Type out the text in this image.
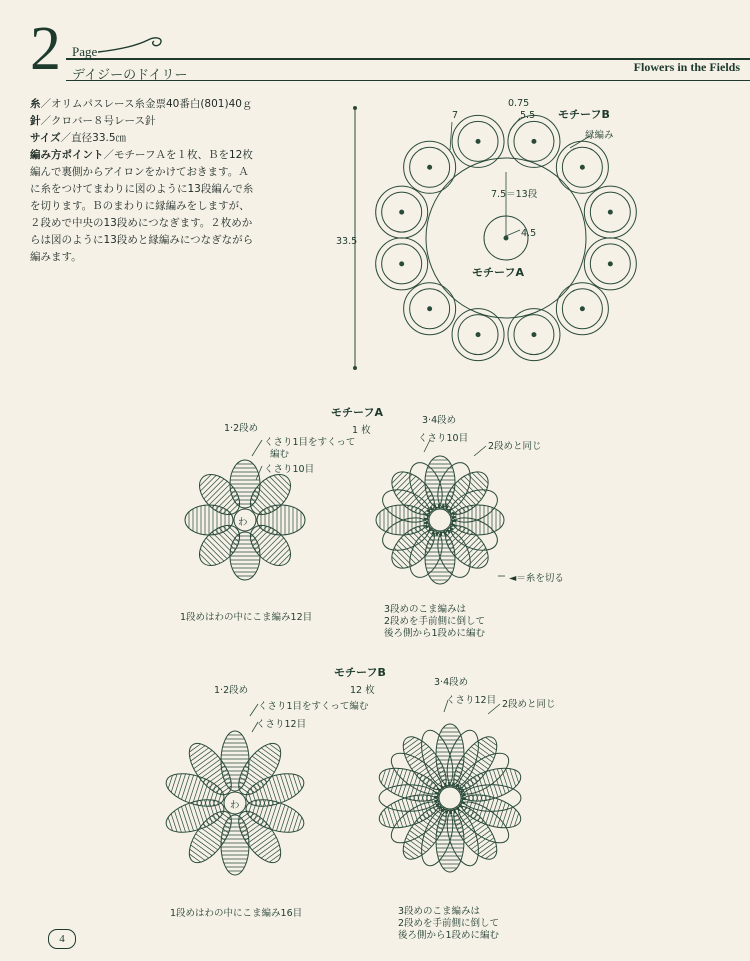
2 Page
デイジーのドイリー
Flowers in the Fields
糸／オリムパスレース糸金票40番白(801)40ｇ
針／クロバー８号レース針
サイズ／直径33.5㎝
編み方ポイント／モチーフＡを１枚、Ｂを12枚
編んで裏側からアイロンをかけておきます。Ａ
に糸をつけてまわりに図のように13段編んで糸
を切ります。Ｂのまわりに縁編みをしますが、
２段めで中央の13段めにつなぎます。２枚めか
らは図のように13段めと縁編みにつなぎながら
編みます。
7
0.75
5.5 モチーフB
縁編み
7.5＝13段
4.5
33.5
モチーフA
モチーフA
1 枚
1·2段め
くさり1目をすくって
編む
くさり10目
3·4段め
くさり10目
2段めと同じ
◄＝糸を切る
1段めはわの中にこま編み12目
3段めのこま編みは
2段めを手前側に倒して
後ろ側から1段めに編む
モチーフB
12 枚
1·2段め
くさり1目をすくって編む
くさり12目
3·4段め
くさり12目 2段めと同じ
1段めはわの中にこま編み16目	3段めのこま編みは
2段めを手前側に倒して
後ろ側から1段めに編む
わ
わ
4
